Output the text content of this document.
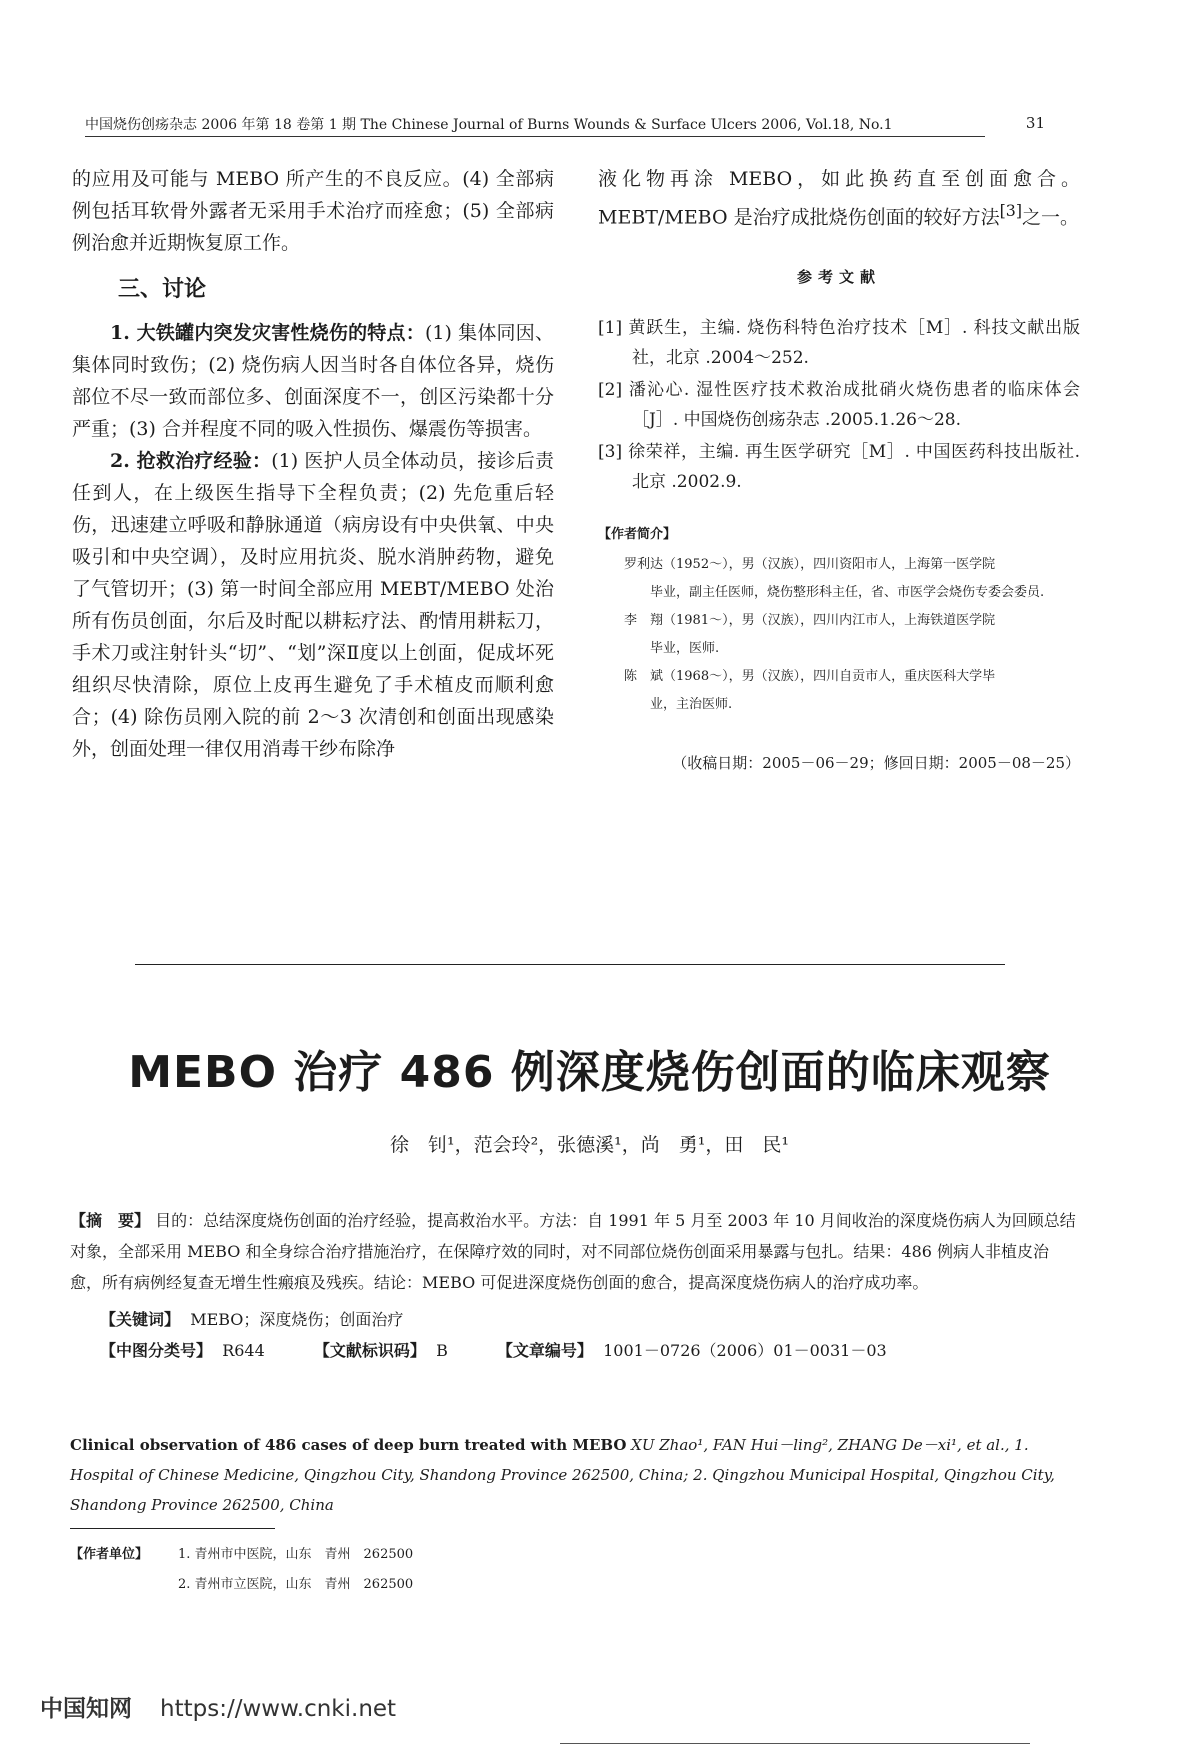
中国烧伤创疡杂志 2006 年第 18 卷第 1 期 The Chinese Journal of Burns Wounds & Surface Ulcers 2006, Vol.18, No.1	31

的应用及可能与 MEBO 所产生的不良反应。(4) 全部病例包括耳软骨外露者无采用手术治疗而痊愈；(5) 全部病例治愈并近期恢复原工作。

三、讨论

1. 大铁罐内突发灾害性烧伤的特点：(1) 集体同因、集体同时致伤；(2) 烧伤病人因当时各自体位各异，烧伤部位不尽一致而部位多、创面深度不一，创区污染都十分严重；(3) 合并程度不同的吸入性损伤、爆震伤等损害。

2. 抢救治疗经验：(1) 医护人员全体动员，接诊后责任到人，在上级医生指导下全程负责；(2) 先危重后轻伤，迅速建立呼吸和静脉通道（病房设有中央供氧、中央吸引和中央空调），及时应用抗炎、脱水消肿药物，避免了气管切开；(3) 第一时间全部应用 MEBT/MEBO 处治所有伤员创面，尔后及时配以耕耘疗法、酌情用耕耘刀，手术刀或注射针头“切”、“划”深Ⅱ度以上创面，促成坏死组织尽快清除，原位上皮再生避免了手术植皮而顺利愈合；(4) 除伤员刚入院的前 2～3 次清创和创面出现感染外，创面处理一律仅用消毒干纱布除净

液化物再涂 MEBO，如此换药直至创面愈合。MEBT/MEBO 是治疗成批烧伤创面的较好方法[3]之一。

参考文献
[1] 黄跃生，主编. 烧伤科特色治疗技术［M］. 科技文献出版社，北京 .2004～252.
[2] 潘沁心. 湿性医疗技术救治成批硝火烧伤患者的临床体会［J］. 中国烧伤创疡杂志 .2005.1.26～28.
[3] 徐荣祥，主编. 再生医学研究［M］. 中国医药科技出版社. 北京 .2002.9.
【作者简介】
罗利达（1952～），男（汉族），四川资阳市人，上海第一医学院
毕业，副主任医师，烧伤整形科主任，省、市医学会烧伤专委会委员.
李　翔（1981～），男（汉族），四川内江市人，上海铁道医学院
毕业，医师.
陈　斌（1968～），男（汉族），四川自贡市人，重庆医科大学毕
业，主治医师.
（收稿日期：2005－06－29；修回日期：2005－08－25）
MEBO 治疗 486 例深度烧伤创面的临床观察
徐　钊¹，范会玲²，张德溪¹，尚　勇¹，田　民¹

【摘　要】 目的：总结深度烧伤创面的治疗经验，提高救治水平。方法：自 1991 年 5 月至 2003 年 10 月间收治的深度烧伤病人为回顾总结对象，全部采用 MEBO 和全身综合治疗措施治疗，在保障疗效的同时，对不同部位烧伤创面采用暴露与包扎。结果：486 例病人非植皮治愈，所有病例经复查无增生性瘢痕及残疾。结论：MEBO 可促进深度烧伤创面的愈合，提高深度烧伤病人的治疗成功率。

【关键词】 MEBO；深度烧伤；创面治疗

【中图分类号】 R644	【文献标识码】 B	【文章编号】 1001－0726（2006）01－0031－03

Clinical observation of 486 cases of deep burn treated with MEBO XU Zhao¹, FAN Hui－ling², ZHANG De－xi¹, et al., 1. Hospital of Chinese Medicine, Qingzhou City, Shandong Province 262500, China; 2. Qingzhou Municipal Hospital, Qingzhou City, Shandong Province 262500, China
【作者单位】 1. 青州市中医院，山东　青州　262500
2. 青州市立医院，山东　青州　262500
中国知网 https://www.cnki.net
